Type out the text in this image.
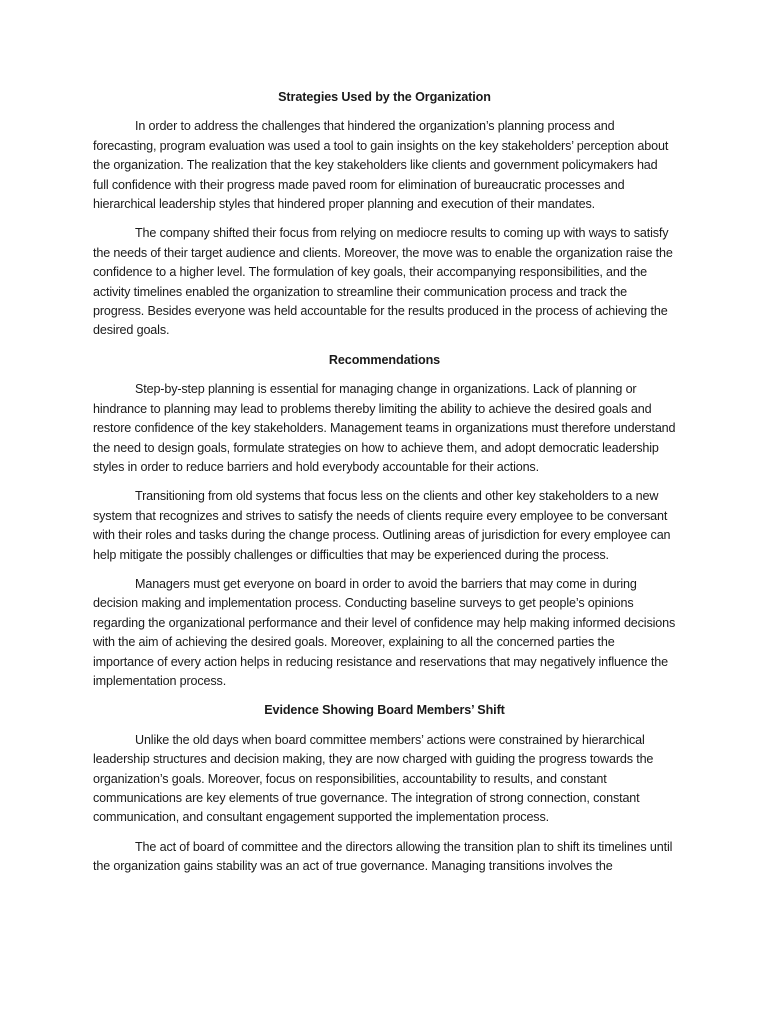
Strategies Used by the Organization

In order to address the challenges that hindered the organization’s planning process and forecasting, program evaluation was used a tool to gain insights on the key stakeholders’ perception about the organization. The realization that the key stakeholders like clients and government policymakers had full confidence with their progress made paved room for elimination of bureaucratic processes and hierarchical leadership styles that hindered proper planning and execution of their mandates.

The company shifted their focus from relying on mediocre results to coming up with ways to satisfy the needs of their target audience and clients. Moreover, the move was to enable the organization raise the confidence to a higher level. The formulation of key goals, their accompanying responsibilities, and the activity timelines enabled the organization to streamline their communication process and track the progress. Besides everyone was held accountable for the results produced in the process of achieving the desired goals.

Recommendations

Step-by-step planning is essential for managing change in organizations. Lack of planning or hindrance to planning may lead to problems thereby limiting the ability to achieve the desired goals and restore confidence of the key stakeholders. Management teams in organizations must therefore understand the need to design goals, formulate strategies on how to achieve them, and adopt democratic leadership styles in order to reduce barriers and hold everybody accountable for their actions.

Transitioning from old systems that focus less on the clients and other key stakeholders to a new system that recognizes and strives to satisfy the needs of clients require every employee to be conversant with their roles and tasks during the change process. Outlining areas of jurisdiction for every employee can help mitigate the possibly challenges or difficulties that may be experienced during the process.

Managers must get everyone on board in order to avoid the barriers that may come in during decision making and implementation process. Conducting baseline surveys to get people’s opinions regarding the organizational performance and their level of confidence may help making informed decisions with the aim of achieving the desired goals. Moreover, explaining to all the concerned parties the importance of every action helps in reducing resistance and reservations that may negatively influence the implementation process.

Evidence Showing Board Members’ Shift

Unlike the old days when board committee members’ actions were constrained by hierarchical leadership structures and decision making, they are now charged with guiding the progress towards the organization’s goals. Moreover, focus on responsibilities, accountability to results, and constant communications are key elements of true governance. The integration of strong connection, constant communication, and consultant engagement supported the implementation process.

The act of board of committee and the directors allowing the transition plan to shift its timelines until the organization gains stability was an act of true governance. Managing transitions involves the
